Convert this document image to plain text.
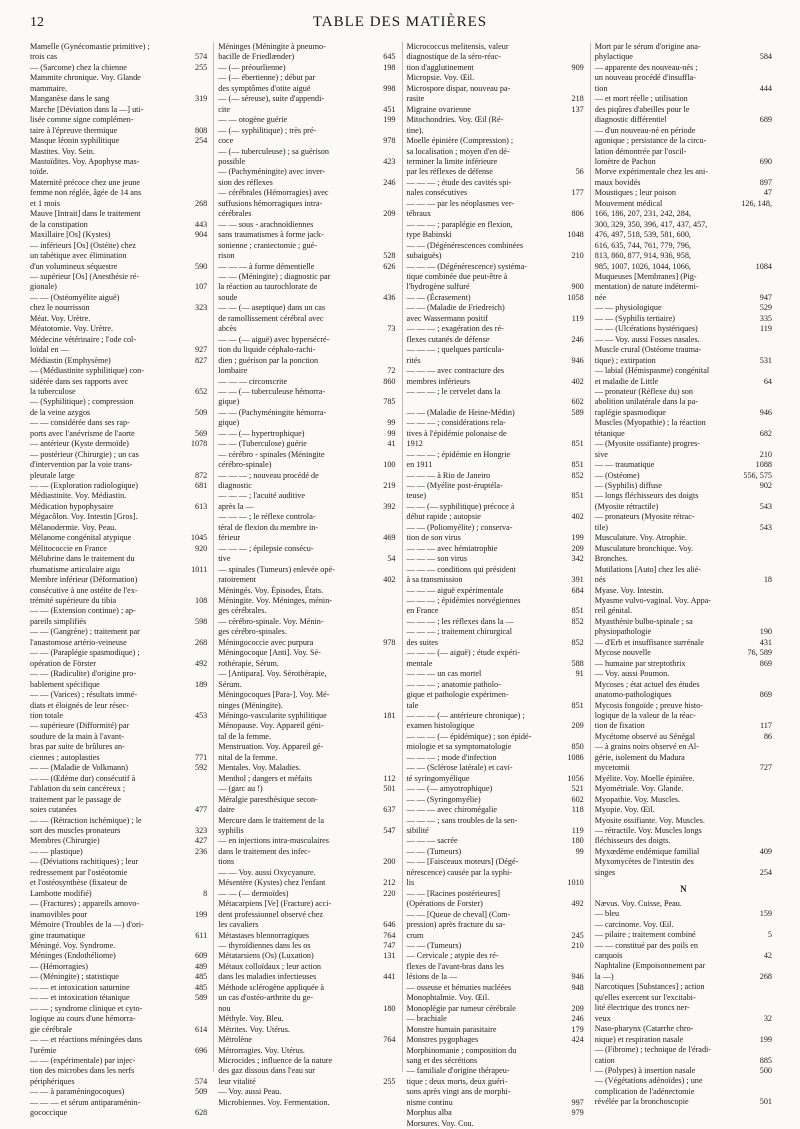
12	TABLE DES MATIÈRES
Mamelle (Gynécomastie primitive) ;
trois cas	574
— (Sarcome) chez la chienne	255
Mammite chronique. Voy. Glande
mammaire.
Manganèse dans le sang	319
Marche [Déviation dans la —] uti-
lisée comme signe complémen-
taire à l'épreuve thermique	808
Masque léonin syphilitique	254
Mastites. Voy. Sein.
Mastoïdites. Voy. Apophyse mas-
toïde.
Maternité précoce chez une jeune
femme non réglée, âgée de 14 ans
et 1 mois	268
Mauve [Intrait] dans le traitement
de la constipation	443
Maxillaire [Os] (Kystes)	904
— inférieurs [Os] (Ostéite) chez
un tabétique avec élimination
d'un volumineux séquestre	590
— supérieur [Os] (Anesthésie ré-
gionale)	107
— — (Ostéomyélite aiguë)
chez le nourrisson	323
Méat. Voy. Urètre.
Méatotomie. Voy. Urètre.
Médecine vétérinaire ; l'ode col-
loïdal en —	927
Médiastin (Emphysème)	827
— (Médiastinite syphilitique) con-
sidérée dans ses rapports avec
la tuberculose	652
— (Syphilitique) ; compression
de la veine azygos	509
— — considérée dans ses rap-
ports avec l'anévrisme de l'aorte	569
— antérieur (Kyste dermoïde)	1078
— postérieur (Chirurgie) ; un cas
d'intervention par la voie trans-
pleurale large	872
— — (Exploration radiologique)	681
Médiastinite. Voy. Médiastin.
Médication hypophysaire	613
Mégacôlon. Voy. Intestin [Gros].
Mélanodermie. Voy. Peau.
Mélanome congénital atypique	1045
Mélitococcie en France	920
Mélubrine dans le traitement du
rhumatisme articulaire aigu	1011
Membre inférieur (Déformation)
consécutive à une ostéite de l'ex-
trémité supérieure du tibia	108
— — (Extension continue) ; ap-
pareils simplifiés	598
— — (Gangrène) ; traitement par
l'anastomose artério-veineuse	268
— — (Paraplégie spasmodique) ;
opération de Förster	492
— — (Radiculite) d'origine pro-
bablement spécifique	189
— — (Varices) ; résultats immé-
diats et éloignés de leur résec-
tion totale	453
— supérieure (Difformité) par
soudure de la main à l'avant-
bras par suite de brûlures an-
ciennes ; autoplasties	771
— — (Maladie de Volkmann)	592
— — (Œdème dur) consécutif à
l'ablation du sein cancéreux ;
traitement par le passage de
soies cutanées	477
— — (Rétraction ischémique) ; le
sort des muscles pronateurs	323
Membres (Chirurgie)	427
— — plastique)	236
— (Déviations rachitiques) ; leur
redressement par l'ostéotomie
et l'ostéosynthèse (fixateur de
Lambotte modifié)	8
— (Fractures) ; appareils amovo-
inamovibles pour	199
Mémoire (Troubles de la —) d'ori-
gine traumatique	611
Méningé. Voy. Syndrome.
Méninges (Endothéliome)	609
— (Hémorragies)	489
— (Méningite) ; statistique	485
— — et intoxication saturnine	485
— — et intoxication tétanique	589
— — ; syndrome clinique et cyto-
logique au cours d'une hémorra-
gie cérébrale	614
— — et réactions méningées dans
l'urémie	696
— — (expérimentale) par injec-
tion des microbes dans les nerfs
périphériques	574
— — à paraméningocoques)	509
— — — et sérum antiparaménin-
gococcique	628
Méninges (Méningite à pneumo-
bacille de Friedlænder)	645
— (— préourlienne)	198
— (— ébertienne) ; début par
des symptômes d'otite aiguë	998
— (— séreuse), suite d'appendi-
cite	451
— — otogène guérie	199
— (— syphilitique) ; très pré-
coce	978
— (— tuberculeuse) ; sa guérison
possible	423
— (Pachyméningite) avec inver-
sion des réflexes	246
— cérébrales (Hémorragies) avec
suffusions hémorragiques intra-
cérébrales	209
— — sous - arachnoïdiennes
sans traumatismes à forme jack-
sonienne ; craniectomie ; gué-
rison	528
— — — à forme démentielle	626
— — (Méningite) ; diagnostic par
la réaction au taurochlorate de
soude	436
— — (— aseptique) dans un cas
de ramollissement cérébral avec
abcès	73
— — (— aiguë) avec hypersécré-
tion du liquide céphalo-rachi-
dien ; guérison par la ponction
lombaire	72
— — — circonscrite	860
— — (— tuberculeuse hémorra-
gique)	785
— — (Pachyméningite hémorra-
gique)	99
— — (— hypertrophique)	99
— — (Tuberculose) guérie	41
— cérébro - spinales (Méningite
cérébro-spinale)	100
— — — ; nouveau procédé de
diagnostic	219
— — — ; l'acuité auditive
après la —	392
— — — ; le réflexe controla-
téral de flexion du membre in-
férieur	469
— — — ; épilepsie consécu-
tive	54
— spinales (Tumeurs) enlevée opé-
ratoirement	402
Méningés. Voy. Épisodes, États.
Méningite. Voy. Méninges, ménin-
ges cérébrales.
— cérébro-spinale. Voy. Ménin-
ges cérébro-spinales.
Méningococcie avec purpura	978
Méningocoque [Anti]. Voy. Sé-
rothérapie, Sérum.
— [Antipara]. Voy. Sérothérapie,
Sérum.
Méningocoques [Para-]. Voy. Mé-
ninges (Méningite).
Méningo-vascularite syphilitique	181
Ménopause. Voy. Appareil géni-
tal de la femme.
Menstruation. Voy. Appareil gé-
nital de la femme.
Mentales. Voy. Maladies.
Menthol ; dangers et méfaits	112
— (garc au !)	501
Méralgie paresthésique secon-
daire	637
Mercure dans le traitement de la
syphilis	547
— en injections intra-musculaires
dans le traitement des infec-
tions	200
— — Voy. aussi Oxycyanure.
Mésentère (Kystes) chez l'enfant	212
— — (— dermoïdes)	220
Métacarpiens [Ve] (Fracture) acci-
dent professionnel observé chez
les cavaliers	646
Métastases blennorragiques	764
— thyroïdiennes dans les os	747
Métatarsiens (Os) (Luxation)	131
Métaux colloïdaux ; leur action
dans les maladies infectieuses	441
Méthode sclérogène appliquée à
un cas d'ostéo-arthrite du ge-
nou	180
Méthyle. Voy. Bleu.
Métrites. Voy. Utérus.
Métrolène	764
Métrorragies. Voy. Utérus.
Microcides ; influence de la nature
des gaz dissous dans l'eau sur
leur vitalité	255
— Voy. aussi Peau.
Microbiennes. Voy. Fermentation.
Micrococcus melitensis, valeur
diagnostique de la séro-réac-
tion d'agglutinement	909
Micropsie. Voy. Œil.
Microspore dispar, nouveau pa-
rasite	218
Migraine ovarienne	137
Mitochondries. Voy. Œil (Ré-
tine).
Moelle épinière (Compression) ;
sa localisation ; moyen d'en dé-
terminer la limite inférieure
par les réflexes de défense	56
— — — ; étude des cavités spi-
nales consécutives	177
— — — par les néoplasmes ver-
tébraux	806
— — — ; paraplégie en flexion,
type Babinski	1048
— — (Dégénérescences combinées
subaiguës)	210
— — — (Dégénérescence) systéma-
tique combinée due peut-être à
l'hydrogène sulfuré	900
— — (Écrasement)	1058
— — (Maladie de Friedreich)
avec Wassermann positif	119
— — — ; exagération des ré-
flexes cutanés de défense	246
— — — ; quelques particula-
rités	946
— — — avec contracture des
membres inférieurs	402
— — — ; le cervelet dans la
602
— — (Maladie de Heine-Médin)	589
— — — ; considérations rela-
tives à l'épidémie polonaise de
1912	851
— — — ; épidémie en Hongrie
en 1911	851
— — — à Rio de Janeiro	852
— — (Myélite post-éruptéla-
teuse)	851
— — (— syphilitique) précoce à
début rapide ; autopsie	402
— — (Poliomyélite) ; conserva-
tion de son virus	199
— — — avec hémiatrophie	209
— — — son virus	342
— — — conditions qui président
à sa transmission	391
— — — aiguë expérimentale	684
— — — ; épidémies norvégiennes
en France	851
— — — ; les réflexes dans la —	852
— — — ; traitement chirurgical
des suites	852
— — — (— aiguë) ; étude expéri-
mentale	588
— — — un cas mortel	91
— — — ; anatomie patholo-
gique et pathologie expérimen-
tale	851
— — — (— antérieure chronique) ;
examen histologique	209
— — — (— épidémique) ; son épidé-
miologie et sa symptomatologie	850
— — — ; mode d'infection	1086
— — (Sclérose latérale) et cavi-
té syringomyélique	1056
— — (— amyotrophique)	521
— — (Syringomyélie)	602
— — — avec chiromégalie	118
— — — ; sans troubles de la sen-
sibilité	119
— — — sacrée	180
— — (Tumeurs)	99
— — [Faisceaux moteurs] (Dégé-
nérescence) causée par la syphi-
lis	1010
— — [Racines postérieures]
(Opérations de Forster)	492
— — [Queue de cheval] (Com-
pression) après fracture du sa-
crum	245
— — (Tumeurs)	210
— Cervicale ; atypie des ré-
flexes de l'avant-bras dans les
lésions de la —	946
— osseuse et hématies nucléées	948
Monophtalmie. Voy. Œil.
Monoplégie par tumeur cérébrale	209
— brachiale	246
Monstre humain parasitaire	179
Monstres pygophages	424
Morphinomanie ; composition du
sang et des sécrétions
— familiale d'origine thérapeu-
tique ; deux morts, deux guéri-
sons après vingt ans de morphi-
nisme continu	997
Morphus alba	979
Morsures. Voy. Cou.
Mort par le sérum d'origine ana-
phylactique	584
— apparente des nouveau-nés ;
un nouveau procédé d'insuffla-
tion	444
— et mort réelle ; utilisation
des piqûres d'abeilles pour le
diagnostic différentiel	689
— d'un nouveau-né en période
agonique ; persistance de la circu-
lation démontrée par l'oscil-
lomètre de Pachon	690
Morve expérimentale chez les ani-
maux bovidés	897
Moustiques ; leur poison	47
Mouvement médical	126, 148,
166, 186, 207, 231, 242, 284,
300, 329, 350, 396, 417, 437, 457,
476, 497, 518, 539, 581, 600,
616, 635, 744, 761, 779, 796,
813, 860, 877, 914, 936, 958,
985, 1007, 1026, 1044, 1066,	1084
Muqueuses [Membranes] (Pig-
mentation) de nature indétermi-
née	947
— — physiologique	529
— — (Syphilis tertiaire)	335
— — (Ulcérations hystériques)	119
— — Voy. aussi Fosses nasales.
Muscle crural (Ostéome trauma-
tique) ; extirpation	531
— labial (Hémispasme) congénital
et maladie de Little	64
— pronateur (Réflexe du) son
abolition unilatérale dans la pa-
raplégie spasmodique	946
Muscles (Myopathie) ; la réaction
tétanique	682
— (Myosite ossifiante) progres-
sive	210
— — traumatique	1088
— (Ostéome)	556, 575
— (Syphilis) diffuse	902
— longs fléchisseurs des doigts
(Myosite rétractile)	543
— pronateurs (Myosite rétrac-
tile)	543
Musculature. Voy. Atrophie.
Musculature bronchique. Voy.
Bronches.
Mutilations [Auto] chez les alié-
nés	18
Myase. Voy. Intestin.
Myasme vulvo-vaginal. Voy. Appa-
reil génital.
Myasthénie bulbo-spinale ; sa
physiopathologie	190
— d'Erb et insuffisance surrénale	431
Mycose nouvelle	76, 589
— humaine par streptothrix	869
— Voy. aussi Poumon.
Mycoses ; état actuel des études
anatomo-pathologiques	869
Mycosis fongoïde ; preuve histo-
logique de la valeur de la réac-
tion de fixation	117
Mycétome observé au Sénégal	86
— à grains noirs observé en Al-
gérie, isolement du Madura
mycetomii	727
Myélite. Voy. Moelle épinière.
Myométriale. Voy. Glande.
Myopathie. Voy. Muscles.
Myopie. Voy. Œil.
Myosite ossifiante. Voy. Muscles.
— rétractile. Voy. Muscles longs
fléchisseurs des doigts.
Myxœdème endémique familial	409
Myxomycètes de l'intestin des
singes	254
N
Nævus. Voy. Cuisse, Peau.
— bleu	159
— carcinome. Voy. Œil.
— pilaire ; traitement combiné	5
— — constitué par des poils en
carquois	42
Naphtaline (Empoisonnement par
la —)	268
Narcotiques [Substances] ; action
qu'elles exercent sur l'excitabi-
lité électrique des troncs ner-
veux	32
Naso-pharynx (Catarrhe chro-
nique) et respiration nasale	199
— (Fibrome) ; technique de l'éradi-
cation	885
— (Polypes) à insertion nasale	500
— (Végétations adénoïdes) ; une
complication de l'adénectomie
révélée par la bronchoscopie	501
